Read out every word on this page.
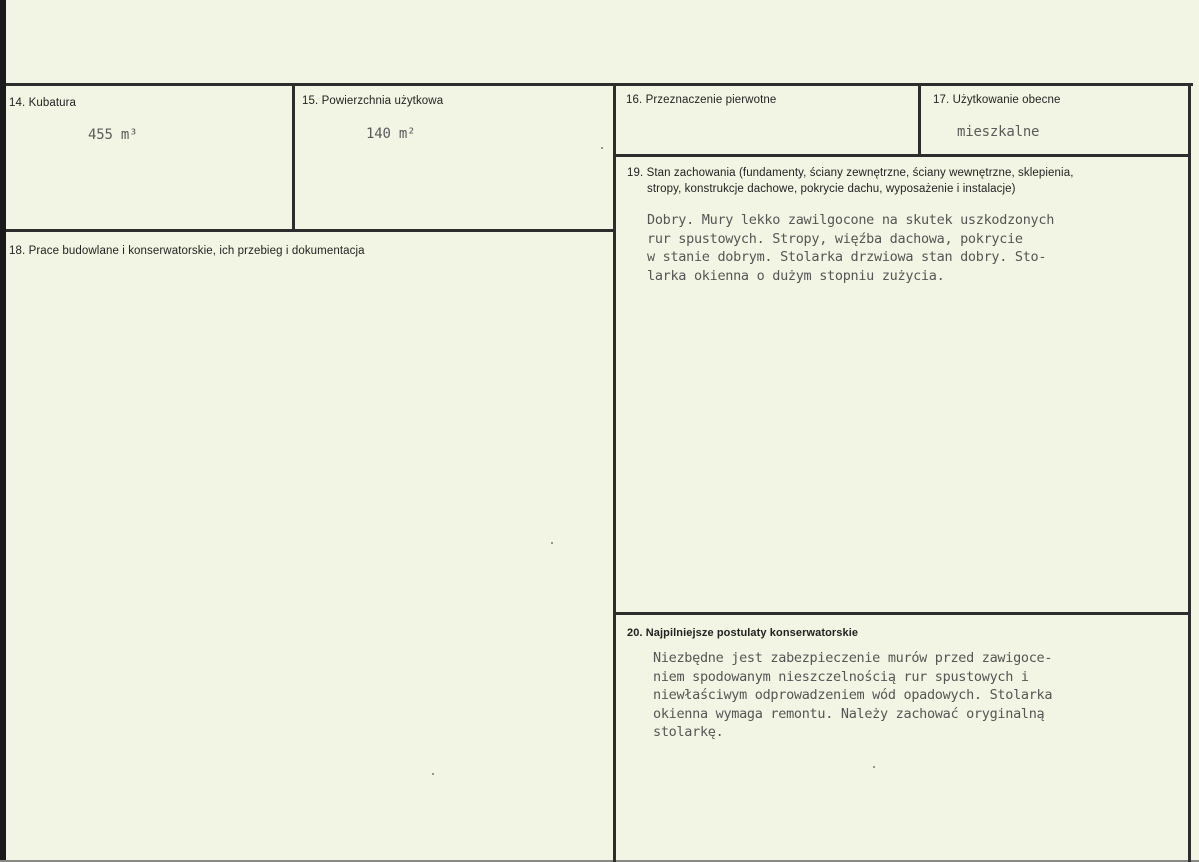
14. Kubatura
455 m³
15. Powierzchnia użytkowa
140 m²
16. Przeznaczenie pierwotne	17. Użytkowanie obecne
mieszkalne
18. Prace budowlane i konserwatorskie, ich przebieg i dokumentacja
19. Stan zachowania (fundamenty, ściany zewnętrzne, ściany wewnętrzne, sklepienia,
stropy, konstrukcje dachowe, pokrycie dachu, wyposażenie i instalacje)
Dobry. Mury lekko zawilgocone na skutek uszkodzonych
rur spustowych. Stropy, więźba dachowa, pokrycie
w stanie dobrym. Stolarka drzwiowa stan dobry. Sto-
larka okienna o dużym stopniu zużycia.
20. Najpilniejsze postulaty konserwatorskie
Niezbędne jest zabezpieczenie murów przed zawigoce-
niem spodowanym nieszczelnością rur spustowych i
niewłaściwym odprowadzeniem wód opadowych. Stolarka
okienna wymaga remontu. Należy zachować oryginalną
stolarkę.
